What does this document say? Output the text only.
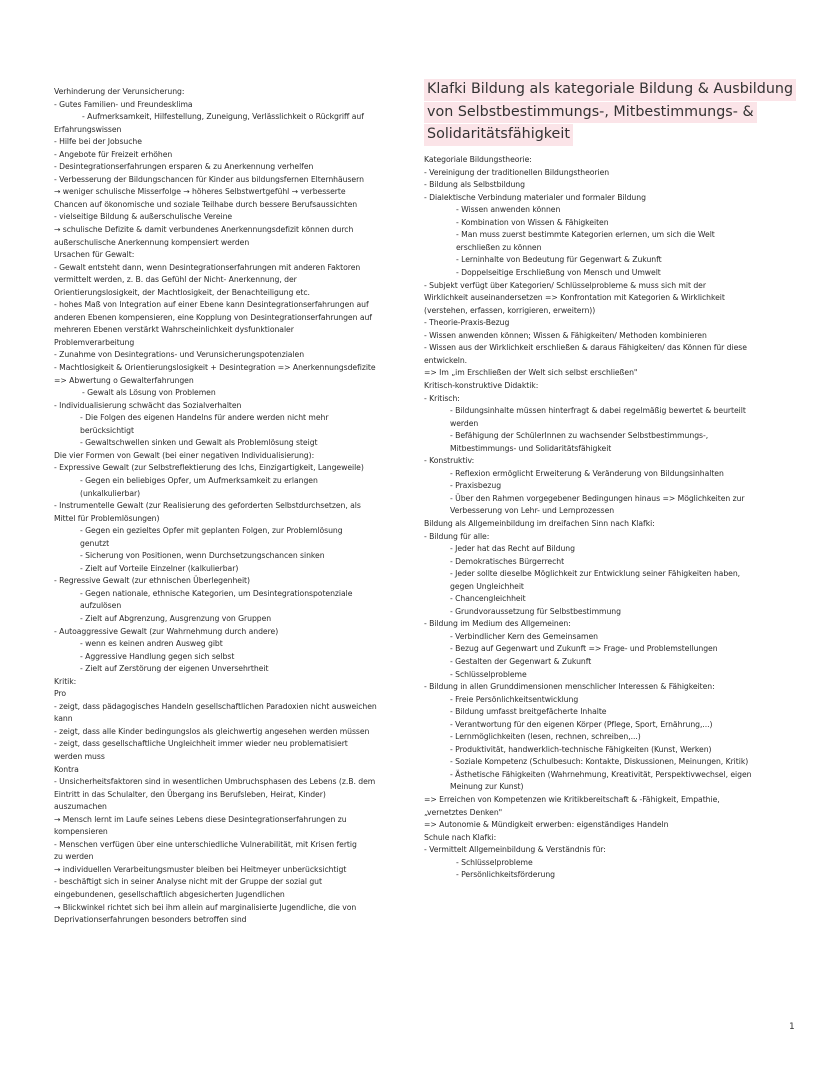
Verhinderung der Verunsicherung:
- Gutes Familien- und Freundesklima
- Aufmerksamkeit, Hilfestellung, Zuneigung, Verlässlichkeit o Rückgriff auf
Erfahrungswissen
- Hilfe bei der Jobsuche
- Angebote für Freizeit erhöhen
- Desintegrationserfahrungen ersparen & zu Anerkennung verhelfen
- Verbesserung der Bildungschancen für Kinder aus bildungsfernen Elternhäusern
→ weniger schulische Misserfolge → höheres Selbstwertgefühl → verbesserte
Chancen auf ökonomische und soziale Teilhabe durch bessere Berufsaussichten
- vielseitige Bildung & außerschulische Vereine
→ schulische Defizite & damit verbundenes Anerkennungsdefizit können durch
außerschulische Anerkennung kompensiert werden
Ursachen für Gewalt:
- Gewalt entsteht dann, wenn Desintegrationserfahrungen mit anderen Faktoren
vermittelt werden, z. B. das Gefühl der Nicht- Anerkennung, der
Orientierungslosigkeit, der Machtlosigkeit, der Benachteiligung etc.
- hohes Maß von Integration auf einer Ebene kann Desintegrationserfahrungen auf
anderen Ebenen kompensieren, eine Kopplung von Desintegrationserfahrungen auf
mehreren Ebenen verstärkt Wahrscheinlichkeit dysfunktionaler
Problemverarbeitung
- Zunahme von Desintegrations- und Verunsicherungspotenzialen
- Machtlosigkeit & Orientierungslosigkeit + Desintegration => Anerkennungsdefizite
=> Abwertung o Gewalterfahrungen
- Gewalt als Lösung von Problemen
- Individualisierung schwächt das Sozialverhalten
- Die Folgen des eigenen Handelns für andere werden nicht mehr
berücksichtigt
- Gewaltschwellen sinken und Gewalt als Problemlösung steigt
Die vier Formen von Gewalt (bei einer negativen Individualisierung):
- Expressive Gewalt (zur Selbstreflektierung des Ichs, Einzigartigkeit, Langeweile)
- Gegen ein beliebiges Opfer, um Aufmerksamkeit zu erlangen
(unkalkulierbar)
- Instrumentelle Gewalt (zur Realisierung des geforderten Selbstdurchsetzen, als
Mittel für Problemlösungen)
- Gegen ein gezieltes Opfer mit geplanten Folgen, zur Problemlösung
genutzt
- Sicherung von Positionen, wenn Durchsetzungschancen sinken
- Zielt auf Vorteile Einzelner (kalkulierbar)
- Regressive Gewalt (zur ethnischen Überlegenheit)
- Gegen nationale, ethnische Kategorien, um Desintegrationspotenziale
aufzulösen
- Zielt auf Abgrenzung, Ausgrenzung von Gruppen
- Autoaggressive Gewalt (zur Wahrnehmung durch andere)
- wenn es keinen andren Ausweg gibt
- Aggressive Handlung gegen sich selbst
- Zielt auf Zerstörung der eigenen Unversehrtheit
Kritik:
Pro
- zeigt, dass pädagogisches Handeln gesellschaftlichen Paradoxien nicht ausweichen
kann
- zeigt, dass alle Kinder bedingungslos als gleichwertig angesehen werden müssen
- zeigt, dass gesellschaftliche Ungleichheit immer wieder neu problematisiert
werden muss
Kontra
- Unsicherheitsfaktoren sind in wesentlichen Umbruchsphasen des Lebens (z.B. dem
Eintritt in das Schulalter, den Übergang ins Berufsleben, Heirat, Kinder)
auszumachen
→ Mensch lernt im Laufe seines Lebens diese Desintegrationserfahrungen zu
kompensieren
- Menschen verfügen über eine unterschiedliche Vulnerabilität, mit Krisen fertig
zu werden
→ individuellen Verarbeitungsmuster bleiben bei Heitmeyer unberücksichtigt
- beschäftigt sich in seiner Analyse nicht mit der Gruppe der sozial gut
eingebundenen, gesellschaftlich abgesicherten Jugendlichen
→ Blickwinkel richtet sich bei ihm allein auf marginalisierte Jugendliche, die von
Deprivationserfahrungen besonders betroffen sind
Klafki Bildung als kategoriale Bildung & Ausbildung
von Selbstbestimmungs-, Mitbestimmungs- &
Solidaritätsfähigkeit
Kategoriale Bildungstheorie:
- Vereinigung der traditionellen Bildungstheorien
- Bildung als Selbstbildung
- Dialektische Verbindung materialer und formaler Bildung
- Wissen anwenden können
- Kombination von Wissen & Fähigkeiten
- Man muss zuerst bestimmte Kategorien erlernen, um sich die Welt
erschließen zu können
- Lerninhalte von Bedeutung für Gegenwart & Zukunft
- Doppelseitige Erschließung von Mensch und Umwelt
- Subjekt verfügt über Kategorien/ Schlüsselprobleme & muss sich mit der
Wirklichkeit auseinandersetzen => Konfrontation mit Kategorien & Wirklichkeit
(verstehen, erfassen, korrigieren, erweitern))
- Theorie-Praxis-Bezug
- Wissen anwenden können; Wissen & Fähigkeiten/ Methoden kombinieren
- Wissen aus der Wirklichkeit erschließen & daraus Fähigkeiten/ das Können für diese
entwickeln.
=> Im „im Erschließen der Welt sich selbst erschließen"
Kritisch-konstruktive Didaktik:
- Kritisch:
- Bildungsinhalte müssen hinterfragt & dabei regelmäßig bewertet & beurteilt
werden
- Befähigung der SchülerInnen zu wachsender Selbstbestimmungs-,
Mitbestimmungs- und Solidaritätsfähigkeit
- Konstruktiv:
- Reflexion ermöglicht Erweiterung & Veränderung von Bildungsinhalten
- Praxisbezug
- Über den Rahmen vorgegebener Bedingungen hinaus => Möglichkeiten zur
Verbesserung von Lehr- und Lernprozessen
Bildung als Allgemeinbildung im dreifachen Sinn nach Klafki:
- Bildung für alle:
- Jeder hat das Recht auf Bildung
- Demokratisches Bürgerrecht
- Jeder sollte dieselbe Möglichkeit zur Entwicklung seiner Fähigkeiten haben,
gegen Ungleichheit
- Chancengleichheit
- Grundvoraussetzung für Selbstbestimmung
- Bildung im Medium des Allgemeinen:
- Verbindlicher Kern des Gemeinsamen
- Bezug auf Gegenwart und Zukunft => Frage- und Problemstellungen
- Gestalten der Gegenwart & Zukunft
- Schlüsselprobleme
- Bildung in allen Grunddimensionen menschlicher Interessen & Fähigkeiten:
- Freie Persönlichkeitsentwicklung
- Bildung umfasst breitgefächerte Inhalte
- Verantwortung für den eigenen Körper (Pflege, Sport, Ernährung,...)
- Lernmöglichkeiten (lesen, rechnen, schreiben,...)
- Produktivität, handwerklich-technische Fähigkeiten (Kunst, Werken)
- Soziale Kompetenz (Schulbesuch: Kontakte, Diskussionen, Meinungen, Kritik)
- Ästhetische Fähigkeiten (Wahrnehmung, Kreativität, Perspektivwechsel, eigen
Meinung zur Kunst)
=> Erreichen von Kompetenzen wie Kritikbereitschaft & -Fähigkeit, Empathie,
„vernetztes Denken"
=> Autonomie & Mündigkeit erwerben: eigenständiges Handeln
Schule nach Klafki:
- Vermittelt Allgemeinbildung & Verständnis für:
- Schlüsselprobleme
- Persönlichkeitsförderung
1
